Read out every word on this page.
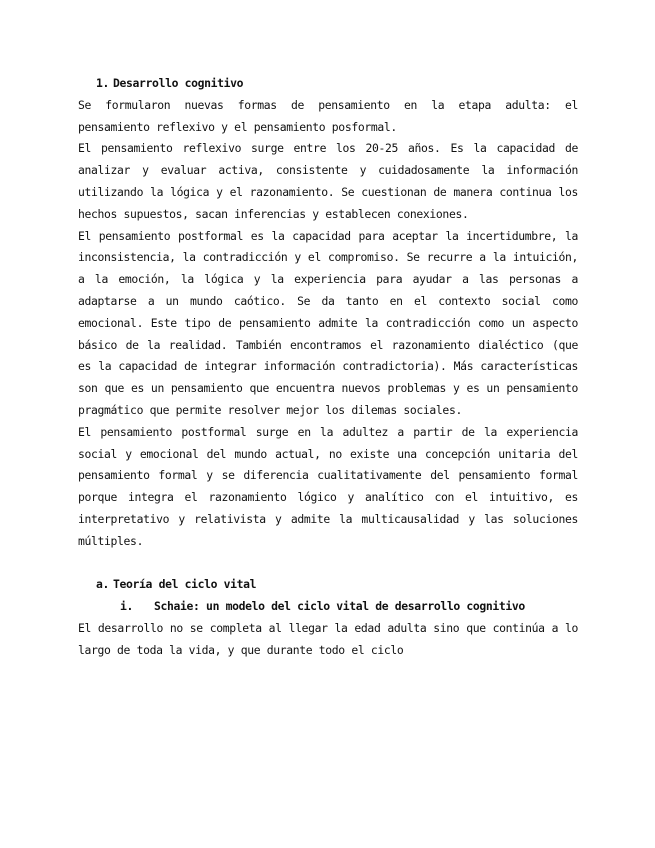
1. Desarrollo cognitivo

Se formularon nuevas formas de pensamiento en la etapa adulta: el pensamiento reflexivo y el pensamiento posformal.

El pensamiento reflexivo surge entre los 20-25 años. Es la capacidad de analizar y evaluar activa, consistente y cuidadosamente la información utilizando la lógica y el razonamiento. Se cuestionan de manera continua los hechos supuestos, sacan inferencias y establecen conexiones.

El pensamiento postformal es la capacidad para aceptar la incertidumbre, la inconsistencia, la contradicción y el compromiso. Se recurre a la intuición, a la emoción, la lógica y la experiencia para ayudar a las personas a adaptarse a un mundo caótico. Se da tanto en el contexto social como emocional. Este tipo de pensamiento admite la contradicción como un aspecto básico de la realidad. También encontramos el razonamiento dialéctico (que es la capacidad de integrar información contradictoria). Más características son que es un pensamiento que encuentra nuevos problemas y es un pensamiento pragmático que permite resolver mejor los dilemas sociales.

El pensamiento postformal surge en la adultez a partir de la experiencia social y emocional del mundo actual, no existe una concepción unitaria del pensamiento formal y se diferencia cualitativamente del pensamiento formal porque integra el razonamiento lógico y analítico con el intuitivo, es interpretativo y relativista y admite la multicausalidad y las soluciones múltiples.

a. Teoría del ciclo vital

i.	Schaie: un modelo del ciclo vital de desarrollo cognitivo

El desarrollo no se completa al llegar la edad adulta sino que continúa a lo largo de toda la vida, y que durante todo el ciclo
